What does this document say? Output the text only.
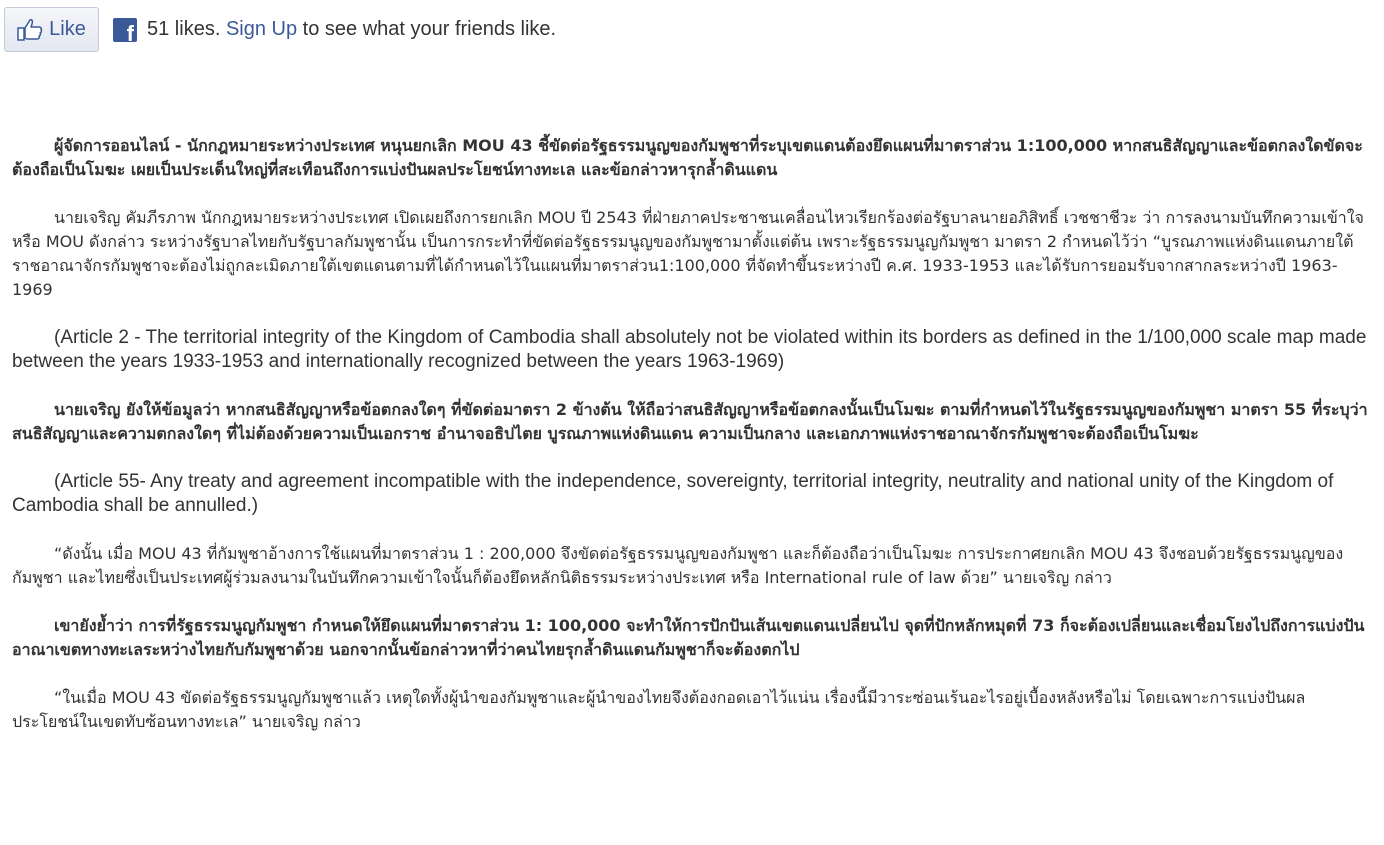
Like f 51 likes. Sign Up to see what your friends like.

ผู้จัดการออนไลน์ - นักกฎหมายระหว่างประเทศ หนุนยกเลิก MOU 43 ชี้ขัดต่อรัฐธรรมนูญของกัมพูชาที่ระบุเขตแดนต้องยึดแผนที่มาตราส่วน 1:100,000 หากสนธิสัญญาและข้อตกลงใดขัดจะต้องถือเป็นโมฆะ เผยเป็นประเด็นใหญ่ที่สะเทือนถึงการแบ่งปันผลประโยชน์ทางทะเล และข้อกล่าวหารุกล้ำดินแดน

นายเจริญ คัมภีรภาพ นักกฎหมายระหว่างประเทศ เปิดเผยถึงการยกเลิก MOU ปี 2543 ที่ฝ่ายภาคประชาชนเคลื่อนไหวเรียกร้องต่อรัฐบาลนายอภิสิทธิ์ เวชชาชีวะ ว่า การลงนามบันทึกความเข้าใจหรือ MOU ดังกล่าว ระหว่างรัฐบาลไทยกับรัฐบาลกัมพูชานั้น เป็นการกระทำที่ขัดต่อรัฐธรรมนูญของกัมพูชามาตั้งแต่ต้น เพราะรัฐธรรมนูญกัมพูชา มาตรา 2 กำหนดไว้ว่า “บูรณภาพแห่งดินแดนภายใต้ราชอาณาจักรกัมพูชาจะต้องไม่ถูกละเมิดภายใต้เขตแดนตามที่ได้กำหนดไว้ในแผนที่มาตราส่วน1:100,000 ที่จัดทำขึ้นระหว่างปี ค.ศ. 1933-1953 และได้รับการยอมรับจากสากลระหว่างปี 1963-1969

(Article 2 - The territorial integrity of the Kingdom of Cambodia shall absolutely not be violated within its borders as defined in the 1/100,000 scale map made between the years 1933-1953 and internationally recognized between the years 1963-1969)

นายเจริญ ยังให้ข้อมูลว่า หากสนธิสัญญาหรือข้อตกลงใดๆ ที่ขัดต่อมาตรา 2 ข้างต้น ให้ถือว่าสนธิสัญญาหรือข้อตกลงนั้นเป็นโมฆะ ตามที่กำหนดไว้ในรัฐธรรมนูญของกัมพูชา มาตรา 55 ที่ระบุว่า สนธิสัญญาและความตกลงใดๆ ที่ไม่ต้องด้วยความเป็นเอกราช อำนาจอธิปไตย บูรณภาพแห่งดินแดน ความเป็นกลาง และเอกภาพแห่งราชอาณาจักรกัมพูชาจะต้องถือเป็นโมฆะ

(Article 55- Any treaty and agreement incompatible with the independence, sovereignty, territorial integrity, neutrality and national unity of the Kingdom of Cambodia shall be annulled.)

“ดังนั้น เมื่อ MOU 43 ที่กัมพูชาอ้างการใช้แผนที่มาตราส่วน 1 : 200,000 จึงขัดต่อรัฐธรรมนูญของกัมพูชา และก็ต้องถือว่าเป็นโมฆะ การประกาศยกเลิก MOU 43 จึงชอบด้วยรัฐธรรมนูญของกัมพูชา และไทยซึ่งเป็นประเทศผู้ร่วมลงนามในบันทึกความเข้าใจนั้นก็ต้องยึดหลักนิติธรรมระหว่างประเทศ หรือ International rule of law ด้วย” นายเจริญ กล่าว

เขายังย้ำว่า การที่รัฐธรรมนูญกัมพูชา กำหนดให้ยึดแผนที่มาตราส่วน 1: 100,000 จะทำให้การปักปันเส้นเขตแดนเปลี่ยนไป จุดที่ปักหลักหมุดที่ 73 ก็จะต้องเปลี่ยนและเชื่อมโยงไปถึงการแบ่งปันอาณาเขตทางทะเลระหว่างไทยกับกัมพูชาด้วย นอกจากนั้นข้อกล่าวหาที่ว่าคนไทยรุกล้ำดินแดนกัมพูชาก็จะต้องตกไป

“ในเมื่อ MOU 43 ขัดต่อรัฐธรรมนูญกัมพูชาแล้ว เหตุใดทั้งผู้นำของกัมพูชาและผู้นำของไทยจึงต้องกอดเอาไว้แน่น เรื่องนี้มีวาระซ่อนเร้นอะไรอยู่เบื้องหลังหรือไม่ โดยเฉพาะการแบ่งปันผลประโยชน์ในเขตทับซ้อนทางทะเล” นายเจริญ กล่าว
